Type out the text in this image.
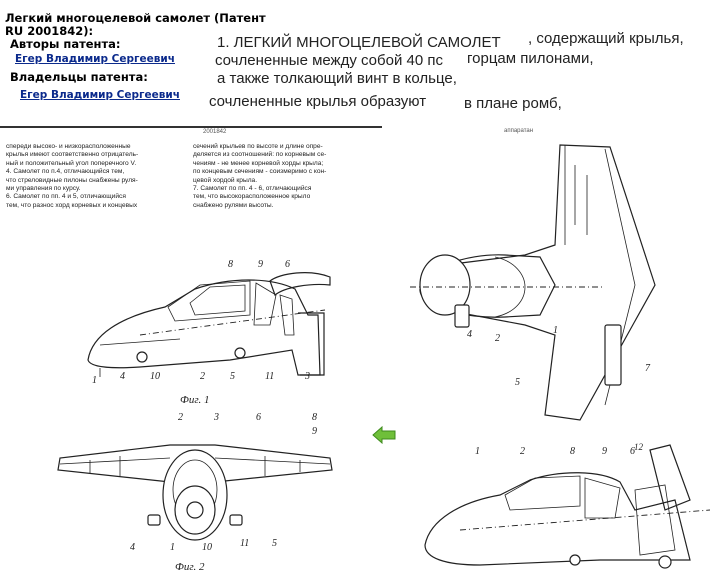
Легкий многоцелевой самолет (Патент
RU 2001842):
Авторы патента:
Егер Владимир Сергеевич
Владельцы патента:
Егер Владимир Сергеевич
1. ЛЕГКИЙ МНОГОЦЕЛЕВОЙ САМОЛЕТ , содержащий крылья,
сочлененные между собой 40 пс горцам пилонами,
а также толкающий винт в кольце,
сочлененные крылья образуют	в плане ромб,
2001842
спереди высоко- и низкорасположенные
крылья имеют соответственно отрицатель-
ный и положительный угол поперечного V.
4. Самолет по п.4, отличающийся тем,
что стреловидные пилоны снабжены руля-
ми управления по курсу.
6. Самолет по пп. 4 и 5, отличающийся
тем, что разнос хорд корневых и концевых
сечений крыльев по высоте и длине опре-
деляется из соотношений: по корневым се-
чениям - не менее корневой хорды крыла;
по концевым сечениям - соизмеримо с кон-
цевой хордой крыла.
7. Самолет по пп. 4 - 6, отличающийся
тем, что высокорасположенное крыло
снабжено рулями высоты.
аппаратан
1 4	10	2	5	11	3
8	9 6
Фиг. 1
2	3	6	8
9
4	1	10	11 5
Фиг. 2
4 2
5
7
1
1	2	8	9 6 12
